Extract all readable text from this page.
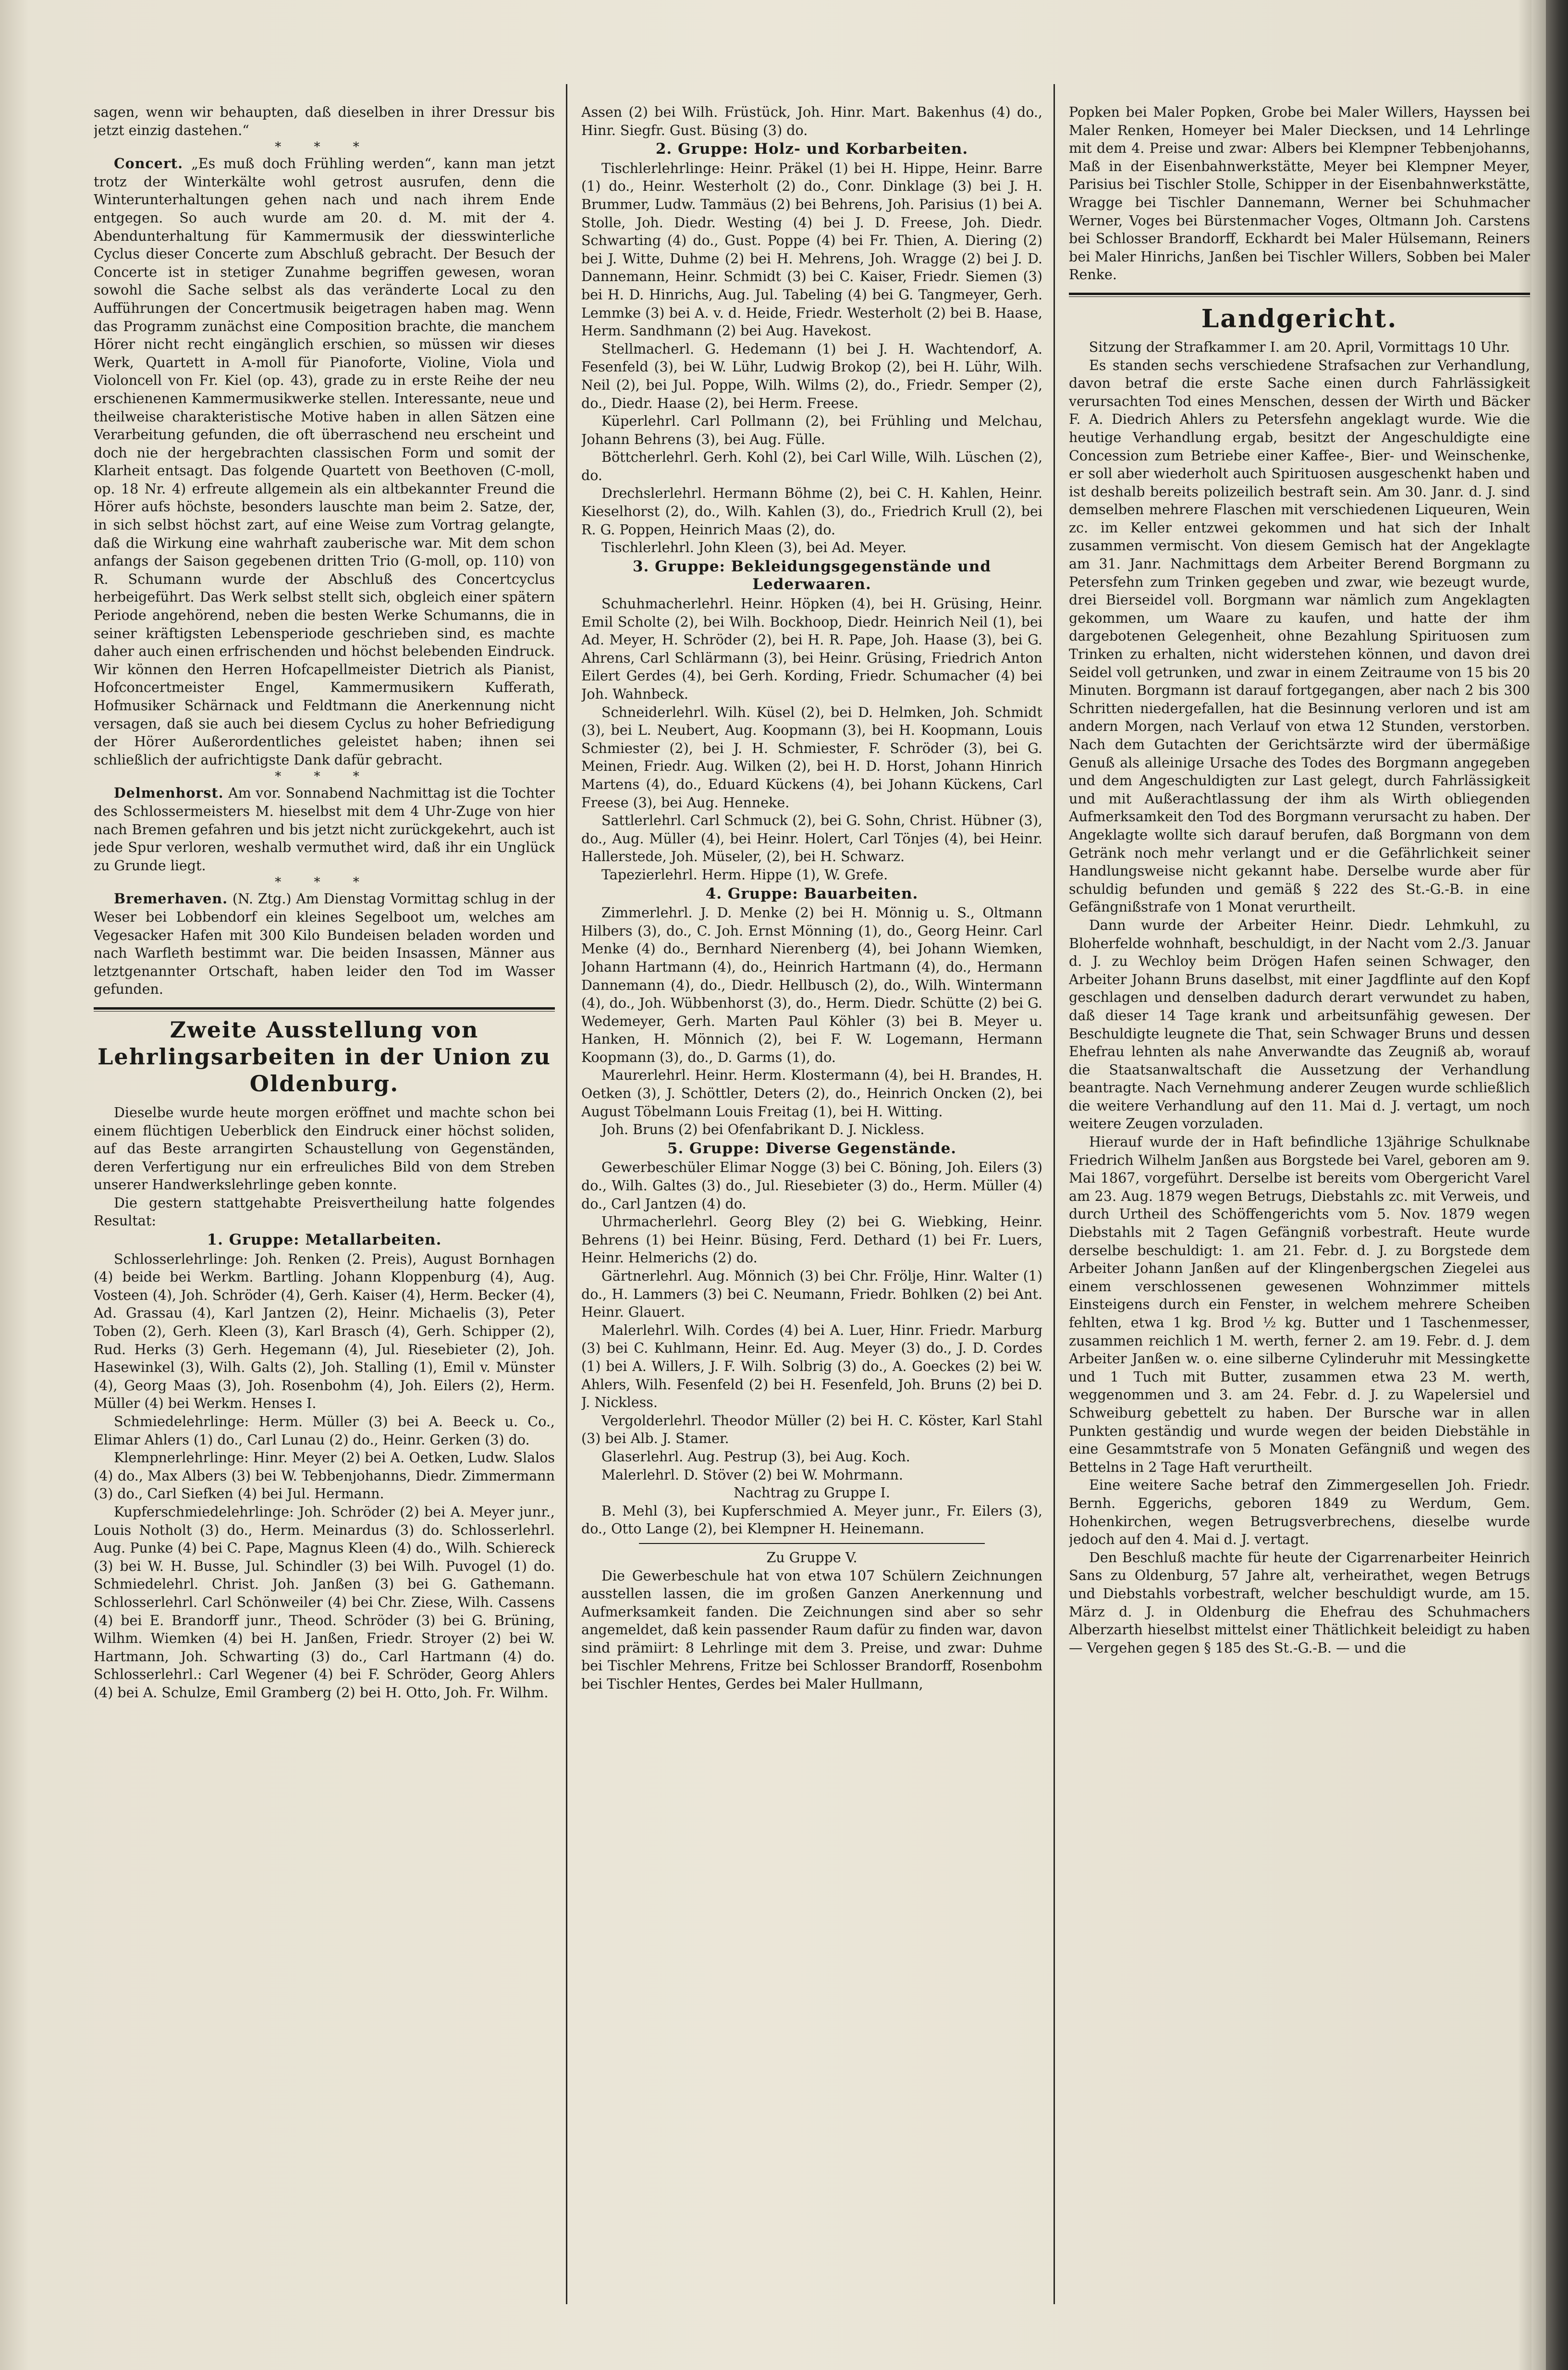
sagen, wenn wir behaupten, daß dieselben in ihrer Dressur bis jetzt einzig dastehen.“

* * *

Concert. „Es muß doch Frühling werden“, kann man jetzt trotz der Winterkälte wohl getrost ausrufen, denn die Winterunterhaltungen gehen nach und nach ihrem Ende entgegen. So auch wurde am 20. d. M. mit der 4. Abendunterhaltung für Kammermusik der diesswinterliche Cyclus dieser Concerte zum Abschluß gebracht. Der Besuch der Concerte ist in stetiger Zunahme begriffen gewesen, woran sowohl die Sache selbst als das veränderte Local zu den Aufführungen der Concertmusik beigetragen haben mag. Wenn das Programm zunächst eine Composition brachte, die manchem Hörer nicht recht eingänglich erschien, so müssen wir dieses Werk, Quartett in A-moll für Pianoforte, Violine, Viola und Violoncell von Fr. Kiel (op. 43), grade zu in erste Reihe der neu erschienenen Kammermusikwerke stellen. Interessante, neue und theilweise charakteristische Motive haben in allen Sätzen eine Verarbeitung gefunden, die oft überraschend neu erscheint und doch nie der hergebrachten classischen Form und somit der Klarheit entsagt. Das folgende Quartett von Beethoven (C-moll, op. 18 Nr. 4) erfreute allgemein als ein altbekannter Freund die Hörer aufs höchste, besonders lauschte man beim 2. Satze, der, in sich selbst höchst zart, auf eine Weise zum Vortrag gelangte, daß die Wirkung eine wahrhaft zauberische war. Mit dem schon anfangs der Saison gegebenen dritten Trio (G-moll, op. 110) von R. Schumann wurde der Abschluß des Concertcyclus herbeigeführt. Das Werk selbst stellt sich, obgleich einer spätern Periode angehörend, neben die besten Werke Schumanns, die in seiner kräftigsten Lebensperiode geschrieben sind, es machte daher auch einen erfrischenden und höchst belebenden Eindruck. Wir können den Herren Hofcapellmeister Dietrich als Pianist, Hofconcertmeister Engel, Kammermusikern Kufferath, Hofmusiker Schärnack und Feldtmann die Anerkennung nicht versagen, daß sie auch bei diesem Cyclus zu hoher Befriedigung der Hörer Außerordentliches geleistet haben; ihnen sei schließlich der aufrichtigste Dank dafür gebracht.

* * *

Delmenhorst. Am vor. Sonnabend Nachmittag ist die Tochter des Schlossermeisters M. hieselbst mit dem 4 Uhr-Zuge von hier nach Bremen gefahren und bis jetzt nicht zurückgekehrt, auch ist jede Spur verloren, weshalb vermuthet wird, daß ihr ein Unglück zu Grunde liegt.

* * *

Bremerhaven. (N. Ztg.) Am Dienstag Vormittag schlug in der Weser bei Lobbendorf ein kleines Segelboot um, welches am Vegesacker Hafen mit 300 Kilo Bundeisen beladen worden und nach Warfleth bestimmt war. Die beiden Insassen, Männer aus letztgenannter Ortschaft, haben leider den Tod im Wasser gefunden.

Zweite Ausstellung von Lehrlingsarbeiten in der Union zu Oldenburg.

Dieselbe wurde heute morgen eröffnet und machte schon bei einem flüchtigen Ueberblick den Eindruck einer höchst soliden, auf das Beste arrangirten Schaustellung von Gegenständen, deren Verfertigung nur ein erfreuliches Bild von dem Streben unserer Handwerkslehrlinge geben konnte.

Die gestern stattgehabte Preisvertheilung hatte folgendes Resultat:

1. Gruppe: Metallarbeiten.

Schlosserlehrlinge: Joh. Renken (2. Preis), August Bornhagen (4) beide bei Werkm. Bartling. Johann Kloppenburg (4), Aug. Vosteen (4), Joh. Schröder (4), Gerh. Kaiser (4), Herm. Becker (4), Ad. Grassau (4), Karl Jantzen (2), Heinr. Michaelis (3), Peter Toben (2), Gerh. Kleen (3), Karl Brasch (4), Gerh. Schipper (2), Rud. Herks (3) Gerh. Hegemann (4), Jul. Riesebieter (2), Joh. Hasewinkel (3), Wilh. Galts (2), Joh. Stalling (1), Emil v. Münster (4), Georg Maas (3), Joh. Rosenbohm (4), Joh. Eilers (2), Herm. Müller (4) bei Werkm. Henses I.

Schmiedelehrlinge: Herm. Müller (3) bei A. Beeck u. Co., Elimar Ahlers (1) do., Carl Lunau (2) do., Heinr. Gerken (3) do.

Klempnerlehrlinge: Hinr. Meyer (2) bei A. Oetken, Ludw. Slalos (4) do., Max Albers (3) bei W. Tebbenjohanns, Diedr. Zimmermann (3) do., Carl Siefken (4) bei Jul. Hermann.

Kupferschmiedelehrlinge: Joh. Schröder (2) bei A. Meyer junr., Louis Notholt (3) do., Herm. Meinardus (3) do. Schlosserlehrl. Aug. Punke (4) bei C. Pape, Magnus Kleen (4) do., Wilh. Schiereck (3) bei W. H. Busse, Jul. Schindler (3) bei Wilh. Puvogel (1) do. Schmiedelehrl. Christ. Joh. Janßen (3) bei G. Gathemann. Schlosserlehrl. Carl Schönweiler (4) bei Chr. Ziese, Wilh. Cassens (4) bei E. Brandorff junr., Theod. Schröder (3) bei G. Brüning, Wilhm. Wiemken (4) bei H. Janßen, Friedr. Stroyer (2) bei W. Hartmann, Joh. Schwarting (3) do., Carl Hartmann (4) do. Schlosserlehrl.: Carl Wegener (4) bei F. Schröder, Georg Ahlers (4) bei A. Schulze, Emil Gramberg (2) bei H. Otto, Joh. Fr. Wilhm.

Assen (2) bei Wilh. Früstück, Joh. Hinr. Mart. Bakenhus (4) do., Hinr. Siegfr. Gust. Büsing (3) do.

2. Gruppe: Holz- und Korbarbeiten.

Tischlerlehrlinge: Heinr. Präkel (1) bei H. Hippe, Heinr. Barre (1) do., Heinr. Westerholt (2) do., Conr. Dinklage (3) bei J. H. Brummer, Ludw. Tammäus (2) bei Behrens, Joh. Parisius (1) bei A. Stolle, Joh. Diedr. Westing (4) bei J. D. Freese, Joh. Diedr. Schwarting (4) do., Gust. Poppe (4) bei Fr. Thien, A. Diering (2) bei J. Witte, Duhme (2) bei H. Mehrens, Joh. Wragge (2) bei J. D. Dannemann, Heinr. Schmidt (3) bei C. Kaiser, Friedr. Siemen (3) bei H. D. Hinrichs, Aug. Jul. Tabeling (4) bei G. Tangmeyer, Gerh. Lemmke (3) bei A. v. d. Heide, Friedr. Westerholt (2) bei B. Haase, Herm. Sandhmann (2) bei Aug. Havekost.

Stellmacherl. G. Hedemann (1) bei J. H. Wachtendorf, A. Fesenfeld (3), bei W. Lühr, Ludwig Brokop (2), bei H. Lühr, Wilh. Neil (2), bei Jul. Poppe, Wilh. Wilms (2), do., Friedr. Semper (2), do., Diedr. Haase (2), bei Herm. Freese.

Küperlehrl. Carl Pollmann (2), bei Frühling und Melchau, Johann Behrens (3), bei Aug. Fülle.

Böttcherlehrl. Gerh. Kohl (2), bei Carl Wille, Wilh. Lüschen (2), do.

Drechslerlehrl. Hermann Böhme (2), bei C. H. Kahlen, Heinr. Kieselhorst (2), do., Wilh. Kahlen (3), do., Friedrich Krull (2), bei R. G. Poppen, Heinrich Maas (2), do.

Tischlerlehrl. John Kleen (3), bei Ad. Meyer.

3. Gruppe: Bekleidungsgegenstände und Lederwaaren.

Schuhmacherlehrl. Heinr. Höpken (4), bei H. Grüsing, Heinr. Emil Scholte (2), bei Wilh. Bockhoop, Diedr. Heinrich Neil (1), bei Ad. Meyer, H. Schröder (2), bei H. R. Pape, Joh. Haase (3), bei G. Ahrens, Carl Schlärmann (3), bei Heinr. Grüsing, Friedrich Anton Eilert Gerdes (4), bei Gerh. Kording, Friedr. Schumacher (4) bei Joh. Wahnbeck.

Schneiderlehrl. Wilh. Küsel (2), bei D. Helmken, Joh. Schmidt (3), bei L. Neubert, Aug. Koopmann (3), bei H. Koopmann, Louis Schmiester (2), bei J. H. Schmiester, F. Schröder (3), bei G. Meinen, Friedr. Aug. Wilken (2), bei H. D. Horst, Johann Hinrich Martens (4), do., Eduard Kückens (4), bei Johann Kückens, Carl Freese (3), bei Aug. Henneke.

Sattlerlehrl. Carl Schmuck (2), bei G. Sohn, Christ. Hübner (3), do., Aug. Müller (4), bei Heinr. Holert, Carl Tönjes (4), bei Heinr. Hallerstede, Joh. Müseler, (2), bei H. Schwarz.

Tapezierlehrl. Herm. Hippe (1), W. Grefe.

4. Gruppe: Bauarbeiten.

Zimmerlehrl. J. D. Menke (2) bei H. Mönnig u. S., Oltmann Hilbers (3), do., C. Joh. Ernst Mönning (1), do., Georg Heinr. Carl Menke (4) do., Bernhard Nierenberg (4), bei Johann Wiemken, Johann Hartmann (4), do., Heinrich Hartmann (4), do., Hermann Dannemann (4), do., Diedr. Hellbusch (2), do., Wilh. Wintermann (4), do., Joh. Wübbenhorst (3), do., Herm. Diedr. Schütte (2) bei G. Wedemeyer, Gerh. Marten Paul Köhler (3) bei B. Meyer u. Hanken, H. Mönnich (2), bei F. W. Logemann, Hermann Koopmann (3), do., D. Garms (1), do.

Maurerlehrl. Heinr. Herm. Klostermann (4), bei H. Brandes, H. Oetken (3), J. Schöttler, Deters (2), do., Heinrich Oncken (2), bei August Töbelmann Louis Freitag (1), bei H. Witting.

Joh. Bruns (2) bei Ofenfabrikant D. J. Nickless.

5. Gruppe: Diverse Gegenstände.

Gewerbeschüler Elimar Nogge (3) bei C. Böning, Joh. Eilers (3) do., Wilh. Galtes (3) do., Jul. Riesebieter (3) do., Herm. Müller (4) do., Carl Jantzen (4) do.

Uhrmacherlehrl. Georg Bley (2) bei G. Wiebking, Heinr. Behrens (1) bei Heinr. Büsing, Ferd. Dethard (1) bei Fr. Luers, Heinr. Helmerichs (2) do.

Gärtnerlehrl. Aug. Mönnich (3) bei Chr. Frölje, Hinr. Walter (1) do., H. Lammers (3) bei C. Neumann, Friedr. Bohlken (2) bei Ant. Heinr. Glauert.

Malerlehrl. Wilh. Cordes (4) bei A. Luer, Hinr. Friedr. Marburg (3) bei C. Kuhlmann, Heinr. Ed. Aug. Meyer (3) do., J. D. Cordes (1) bei A. Willers, J. F. Wilh. Solbrig (3) do., A. Goeckes (2) bei W. Ahlers, Wilh. Fesenfeld (2) bei H. Fesenfeld, Joh. Bruns (2) bei D. J. Nickless.

Vergolderlehrl. Theodor Müller (2) bei H. C. Köster, Karl Stahl (3) bei Alb. J. Stamer.

Glaserlehrl. Aug. Pestrup (3), bei Aug. Koch.

Malerlehrl. D. Stöver (2) bei W. Mohrmann.

Nachtrag zu Gruppe I.

B. Mehl (3), bei Kupferschmied A. Meyer junr., Fr. Eilers (3), do., Otto Lange (2), bei Klempner H. Heinemann.

Zu Gruppe V.

Die Gewerbeschule hat von etwa 107 Schülern Zeichnungen ausstellen lassen, die im großen Ganzen Anerkennung und Aufmerksamkeit fanden. Die Zeichnungen sind aber so sehr angemeldet, daß kein passender Raum dafür zu finden war, davon sind prämiirt: 8 Lehrlinge mit dem 3. Preise, und zwar: Duhme bei Tischler Mehrens, Fritze bei Schlosser Brandorff, Rosenbohm bei Tischler Hentes, Gerdes bei Maler Hullmann,

Popken bei Maler Popken, Grobe bei Maler Willers, Hayssen bei Maler Renken, Homeyer bei Maler Diecksen, und 14 Lehrlinge mit dem 4. Preise und zwar: Albers bei Klempner Tebbenjohanns, Maß in der Eisenbahnwerkstätte, Meyer bei Klempner Meyer, Parisius bei Tischler Stolle, Schipper in der Eisenbahnwerkstätte, Wragge bei Tischler Dannemann, Werner bei Schuhmacher Werner, Voges bei Bürstenmacher Voges, Oltmann Joh. Carstens bei Schlosser Brandorff, Eckhardt bei Maler Hülsemann, Reiners bei Maler Hinrichs, Janßen bei Tischler Willers, Sobben bei Maler Renke.

Landgericht.

Sitzung der Strafkammer I. am 20. April, Vormittags 10 Uhr.

Es standen sechs verschiedene Strafsachen zur Verhandlung, davon betraf die erste Sache einen durch Fahrlässigkeit verursachten Tod eines Menschen, dessen der Wirth und Bäcker F. A. Diedrich Ahlers zu Petersfehn angeklagt wurde. Wie die heutige Verhandlung ergab, besitzt der Angeschuldigte eine Concession zum Betriebe einer Kaffee-, Bier- und Weinschenke, er soll aber wiederholt auch Spirituosen ausgeschenkt haben und ist deshalb bereits polizeilich bestraft sein. Am 30. Janr. d. J. sind demselben mehrere Flaschen mit verschiedenen Liqueuren, Wein zc. im Keller entzwei gekommen und hat sich der Inhalt zusammen vermischt. Von diesem Gemisch hat der Angeklagte am 31. Janr. Nachmittags dem Arbeiter Berend Borgmann zu Petersfehn zum Trinken gegeben und zwar, wie bezeugt wurde, drei Bierseidel voll. Borgmann war nämlich zum Angeklagten gekommen, um Waare zu kaufen, und hatte der ihm dargebotenen Gelegenheit, ohne Bezahlung Spirituosen zum Trinken zu erhalten, nicht widerstehen können, und davon drei Seidel voll getrunken, und zwar in einem Zeitraume von 15 bis 20 Minuten. Borgmann ist darauf fortgegangen, aber nach 2 bis 300 Schritten niedergefallen, hat die Besinnung verloren und ist am andern Morgen, nach Verlauf von etwa 12 Stunden, verstorben. Nach dem Gutachten der Gerichtsärzte wird der übermäßige Genuß als alleinige Ursache des Todes des Borgmann angegeben und dem Angeschuldigten zur Last gelegt, durch Fahrlässigkeit und mit Außerachtlassung der ihm als Wirth obliegenden Aufmerksamkeit den Tod des Borgmann verursacht zu haben. Der Angeklagte wollte sich darauf berufen, daß Borgmann von dem Getränk noch mehr verlangt und er die Gefährlichkeit seiner Handlungsweise nicht gekannt habe. Derselbe wurde aber für schuldig befunden und gemäß § 222 des St.-G.-B. in eine Gefängnißstrafe von 1 Monat verurtheilt.

Dann wurde der Arbeiter Heinr. Diedr. Lehmkuhl, zu Bloherfelde wohnhaft, beschuldigt, in der Nacht vom 2./3. Januar d. J. zu Wechloy beim Drögen Hafen seinen Schwager, den Arbeiter Johann Bruns daselbst, mit einer Jagdflinte auf den Kopf geschlagen und denselben dadurch derart verwundet zu haben, daß dieser 14 Tage krank und arbeitsunfähig gewesen. Der Beschuldigte leugnete die That, sein Schwager Bruns und dessen Ehefrau lehnten als nahe Anverwandte das Zeugniß ab, worauf die Staatsanwaltschaft die Aussetzung der Verhandlung beantragte. Nach Vernehmung anderer Zeugen wurde schließlich die weitere Verhandlung auf den 11. Mai d. J. vertagt, um noch weitere Zeugen vorzuladen.

Hierauf wurde der in Haft befindliche 13jährige Schulknabe Friedrich Wilhelm Janßen aus Borgstede bei Varel, geboren am 9. Mai 1867, vorgeführt. Derselbe ist bereits vom Obergericht Varel am 23. Aug. 1879 wegen Betrugs, Diebstahls zc. mit Verweis, und durch Urtheil des Schöffengerichts vom 5. Nov. 1879 wegen Diebstahls mit 2 Tagen Gefängniß vorbestraft. Heute wurde derselbe beschuldigt: 1. am 21. Febr. d. J. zu Borgstede dem Arbeiter Johann Janßen auf der Klingenbergschen Ziegelei aus einem verschlossenen gewesenen Wohnzimmer mittels Einsteigens durch ein Fenster, in welchem mehrere Scheiben fehlten, etwa 1 kg. Brod ½ kg. Butter und 1 Taschenmesser, zusammen reichlich 1 M. werth, ferner 2. am 19. Febr. d. J. dem Arbeiter Janßen w. o. eine silberne Cylinderuhr mit Messingkette und 1 Tuch mit Butter, zusammen etwa 23 M. werth, weggenommen und 3. am 24. Febr. d. J. zu Wapelersiel und Schweiburg gebettelt zu haben. Der Bursche war in allen Punkten geständig und wurde wegen der beiden Diebstähle in eine Gesammtstrafe von 5 Monaten Gefängniß und wegen des Bettelns in 2 Tage Haft verurtheilt.

Eine weitere Sache betraf den Zimmergesellen Joh. Friedr. Bernh. Eggerichs, geboren 1849 zu Werdum, Gem. Hohenkirchen, wegen Betrugsverbrechens, dieselbe wurde jedoch auf den 4. Mai d. J. vertagt.

Den Beschluß machte für heute der Cigarrenarbeiter Heinrich Sans zu Oldenburg, 57 Jahre alt, verheirathet, wegen Betrugs und Diebstahls vorbestraft, welcher beschuldigt wurde, am 15. März d. J. in Oldenburg die Ehefrau des Schuhmachers Alberzarth hieselbst mittelst einer Thätlichkeit beleidigt zu haben — Vergehen gegen § 185 des St.-G.-B. — und die
